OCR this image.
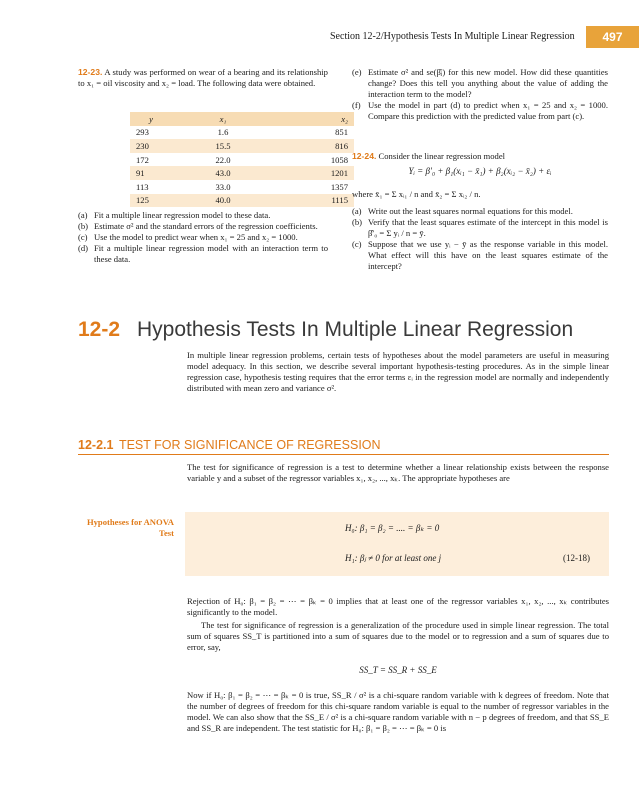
Section 12-2/Hypothesis Tests In Multiple Linear Regression	497
12-23. A study was performed on wear of a bearing and its relationship to x₁ = oil viscosity and x₂ = load. The following data were obtained.
y	x₁	x₂
293	1.6	851
230	15.5	816
172	22.0	1058
91	43.0	1201
113	33.0	1357
125	40.0	1115
(a) Fit a multiple linear regression model to these data.
(b) Estimate σ² and the standard errors of the regression coefficients.
(c) Use the model to predict wear when x₁ = 25 and x₂ = 1000.
(d) Fit a multiple linear regression model with an interaction term to these data.
(e) Estimate σ² and se(β̂ⱼ) for this new model. How did these quantities change? Does this tell you anything about the value of adding the interaction term to the model?
(f) Use the model in part (d) to predict when x₁ = 25 and x₂ = 1000. Compare this prediction with the predicted value from part (c).
12-24. Consider the linear regression model
Yᵢ = β′₀ + β₁(xᵢ₁ − x̄₁) + β₂(xᵢ₂ − x̄₂) + εᵢ
where x̄₁ = Σ xᵢ₁ / n and x̄₂ = Σ xᵢ₂ / n.
(a) Write out the least squares normal equations for this model.
(b) Verify that the least squares estimate of the intercept in this model is β̂′₀ = Σ yᵢ / n = ȳ.
(c) Suppose that we use yᵢ − ȳ as the response variable in this model. What effect will this have on the least squares estimate of the intercept?
12-2 Hypothesis Tests In Multiple Linear Regression
In multiple linear regression problems, certain tests of hypotheses about the model parameters are useful in measuring model adequacy. In this section, we describe several important hypothesis-testing procedures. As in the simple linear regression case, hypothesis testing requires that the error terms εᵢ in the regression model are normally and independently distributed with mean zero and variance σ².
12-2.1 TEST FOR SIGNIFICANCE OF REGRESSION
The test for significance of regression is a test to determine whether a linear relationship exists between the response variable y and a subset of the regressor variables x₁, x₂, ..., xₖ. The appropriate hypotheses are
Hypotheses for ANOVA Test	H₀: β₁ = β₂ = .... = βₖ = 0
H₁: βⱼ ≠ 0 for at least one j	(12-18)
Rejection of H₀: β₁ = β₂ = ⋯ = βₖ = 0 implies that at least one of the regressor variables x₁, x₂, ..., xₖ contributes significantly to the model.
The test for significance of regression is a generalization of the procedure used in simple linear regression. The total sum of squares SS_T is partitioned into a sum of squares due to the model or to regression and a sum of squares due to error, say,
SS_T = SS_R + SS_E
Now if H₀: β₁ = β₂ = ⋯ = βₖ = 0 is true, SS_R / σ² is a chi-square random variable with k degrees of freedom. Note that the number of degrees of freedom for this chi-square random variable is equal to the number of regressor variables in the model. We can also show that the SS_E / σ² is a chi-square random variable with n − p degrees of freedom, and that SS_E and SS_R are independent. The test statistic for H₀: β₁ = β₂ = ⋯ = βₖ = 0 is
